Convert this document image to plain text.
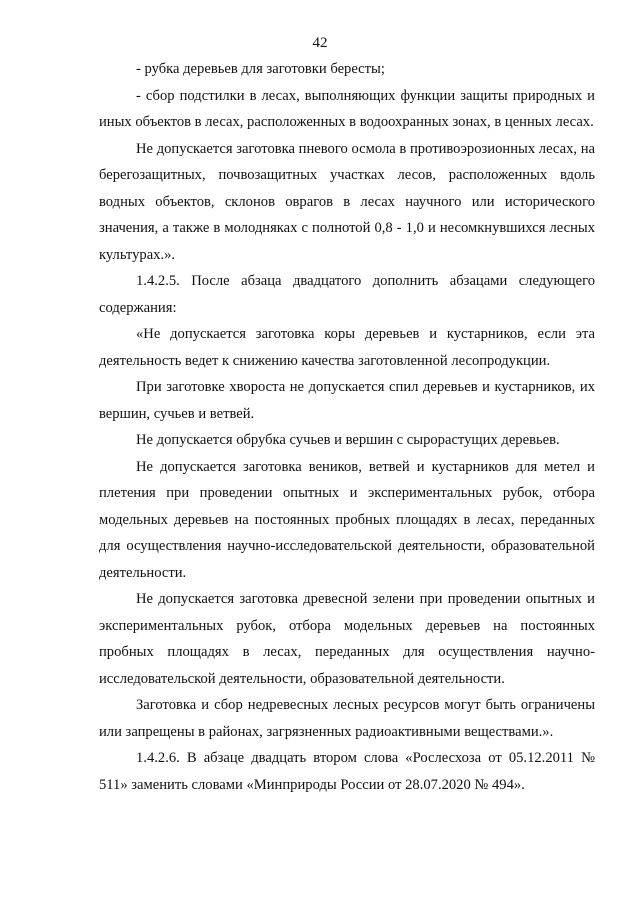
42

- рубка деревьев для заготовки бересты;

- сбор подстилки в лесах, выполняющих функции защиты природных и иных объектов в лесах, расположенных в водоохранных зонах, в ценных лесах.

Не допускается заготовка пневого осмола в противоэрозионных лесах, на берегозащитных, почвозащитных участках лесов, расположенных вдоль водных объектов, склонов оврагов в лесах научного или исторического значения, а также в молодняках с полнотой 0,8 - 1,0 и несомкнувшихся лесных культурах.».

1.4.2.5. После абзаца двадцатого дополнить абзацами следующего содержания:

«Не допускается заготовка коры деревьев и кустарников, если эта деятельность ведет к снижению качества заготовленной лесопродукции.

При заготовке хвороста не допускается спил деревьев и кустарников, их вершин, сучьев и ветвей.

Не допускается обрубка сучьев и вершин с сырорастущих деревьев.

Не допускается заготовка веников, ветвей и кустарников для метел и плетения при проведении опытных и экспериментальных рубок, отбора модельных деревьев на постоянных пробных площадях в лесах, переданных для осуществления научно-исследовательской деятельности, образовательной деятельности.

Не допускается заготовка древесной зелени при проведении опытных и экспериментальных рубок, отбора модельных деревьев на постоянных пробных площадях в лесах, переданных для осуществления научно-исследовательской деятельности, образовательной деятельности.

Заготовка и сбор недревесных лесных ресурсов могут быть ограничены или запрещены в районах, загрязненных радиоактивными веществами.».

1.4.2.6. В абзаце двадцать втором слова «Рослесхоза от 05.12.2011 № 511» заменить словами «Минприроды России от 28.07.2020 № 494».
